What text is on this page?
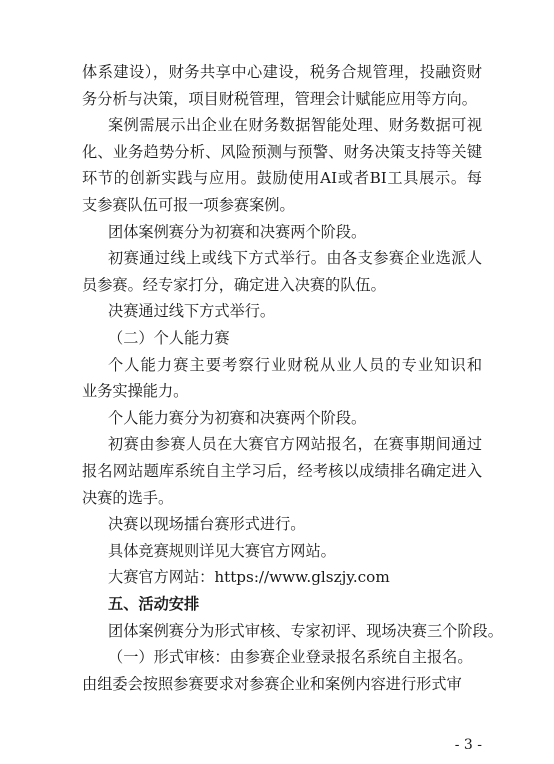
体系建设），财务共享中心建设，税务合规管理，投融资财
务分析与决策，项目财税管理，管理会计赋能应用等方向。
案例需展示出企业在财务数据智能处理、财务数据可视
化、业务趋势分析、风险预测与预警、财务决策支持等关键
环节的创新实践与应用。鼓励使用AI或者BI工具展示。每
支参赛队伍可报一项参赛案例。
团体案例赛分为初赛和决赛两个阶段。
初赛通过线上或线下方式举行。由各支参赛企业选派人
员参赛。经专家打分，确定进入决赛的队伍。
决赛通过线下方式举行。
（二）个人能力赛
个人能力赛主要考察行业财税从业人员的专业知识和
业务实操能力。
个人能力赛分为初赛和决赛两个阶段。
初赛由参赛人员在大赛官方网站报名，在赛事期间通过
报名网站题库系统自主学习后，经考核以成绩排名确定进入
决赛的选手。
决赛以现场擂台赛形式进行。
具体竞赛规则详见大赛官方网站。
大赛官方网站：https://www.glszjy.com
五、活动安排
团体案例赛分为形式审核、专家初评、现场决赛三个阶段。
（一）形式审核：由参赛企业登录报名系统自主报名。
由组委会按照参赛要求对参赛企业和案例内容进行形式审
- 3 -
